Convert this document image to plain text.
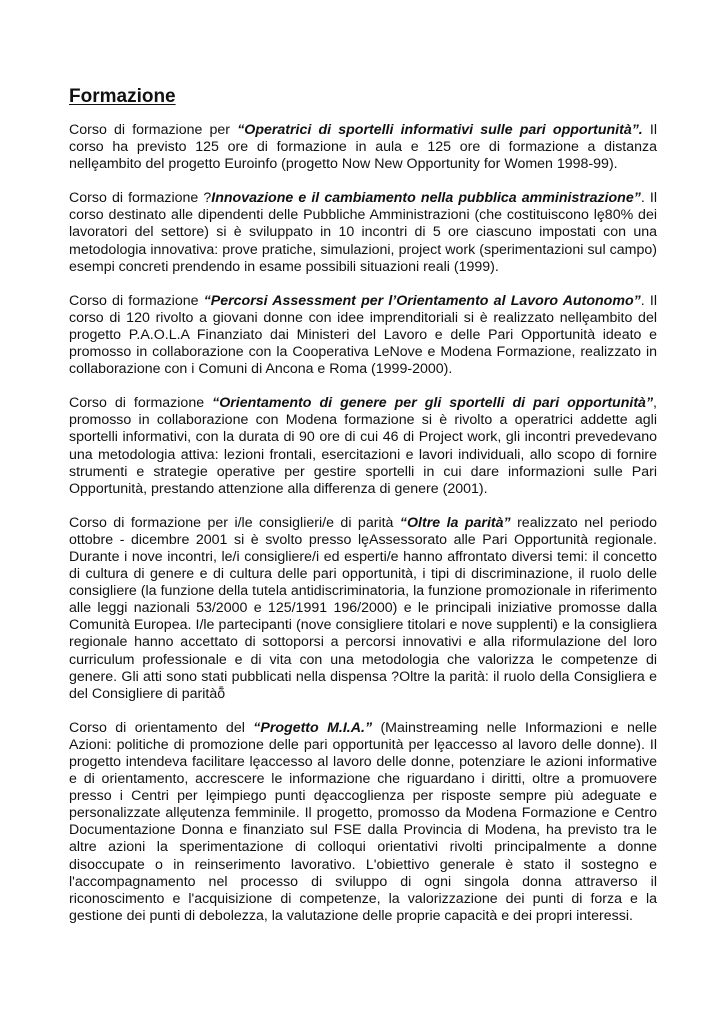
Formazione

Corso di formazione per “Operatrici di sportelli informativi sulle pari opportunità”. Il corso ha previsto 125 ore di formazione in aula e 125 ore di formazione a distanza nellȩambito del progetto Euroinfo (progetto Now New Opportunity for Women 1998-99).

Corso di formazione ?Innovazione e il cambiamento nella pubblica amministrazione”. Il corso destinato alle dipendenti delle Pubbliche Amministrazioni (che costituiscono lȩ80% dei lavoratori del settore) si è sviluppato in 10 incontri di 5 ore ciascuno impostati con una metodologia innovativa: prove pratiche, simulazioni, project work (sperimentazioni sul campo) esempi concreti prendendo in esame possibili situazioni reali (1999).

Corso di formazione “Percorsi Assessment per l’Orientamento al Lavoro Autonomo”. Il corso di 120 rivolto a giovani donne con idee imprenditoriali si è realizzato nellȩambito del progetto P.A.O.L.A Finanziato dai Ministeri del Lavoro e delle Pari Opportunità ideato e promosso in collaborazione con la Cooperativa LeNove e Modena Formazione, realizzato in collaborazione con i Comuni di Ancona e Roma (1999-2000).

Corso di formazione “Orientamento di genere per gli sportelli di pari opportunità”, promosso in collaborazione con Modena formazione si è rivolto a operatrici addette agli sportelli informativi, con la durata di 90 ore di cui 46 di Project work, gli incontri prevedevano una metodologia attiva: lezioni frontali, esercitazioni e lavori individuali, allo scopo di fornire strumenti e strategie operative per gestire sportelli in cui dare informazioni sulle Pari Opportunità, prestando attenzione alla differenza di genere (2001).

Corso di formazione per i/le consiglieri/e di parità “Oltre la parità” realizzato nel periodo ottobre - dicembre 2001 si è svolto presso lȩAssessorato alle Pari Opportunità regionale. Durante i nove incontri, le/i consigliere/i ed esperti/e hanno affrontato diversi temi: il concetto di cultura di genere e di cultura delle pari opportunità, i tipi di discriminazione, il ruolo delle consigliere (la funzione della tutela antidiscriminatoria, la funzione promozionale in riferimento alle leggi nazionali 53/2000 e 125/1991 196/2000) e le principali iniziative promosse dalla Comunità Europea. I/le partecipanti (nove consigliere titolari e nove supplenti) e la consigliera regionale hanno accettato di sottoporsi a percorsi innovativi e alla riformulazione del loro curriculum professionale e di vita con una metodologia che valorizza le competenze di genere. Gli atti sono stati pubblicati nella dispensa ?Oltre la parità: il ruolo della Consigliera e del Consigliere di paritàȭ

Corso di orientamento del “Progetto M.I.A.” (Mainstreaming nelle Informazioni e nelle Azioni: politiche di promozione delle pari opportunità per lȩaccesso al lavoro delle donne). Il progetto intendeva facilitare lȩaccesso al lavoro delle donne, potenziare le azioni informative e di orientamento, accrescere le informazione che riguardano i diritti, oltre a promuovere presso i Centri per lȩimpiego punti dȩaccoglienza per risposte sempre più adeguate e personalizzate allȩutenza femminile. Il progetto, promosso da Modena Formazione e Centro Documentazione Donna e finanziato sul FSE dalla Provincia di Modena, ha previsto tra le altre azioni la sperimentazione di colloqui orientativi rivolti principalmente a donne disoccupate o in reinserimento lavorativo. L'obiettivo generale è stato il sostegno e l'accompagnamento nel processo di sviluppo di ogni singola donna attraverso il riconoscimento e l'acquisizione di competenze, la valorizzazione dei punti di forza e la gestione dei punti di debolezza, la valutazione delle proprie capacità e dei propri interessi.
